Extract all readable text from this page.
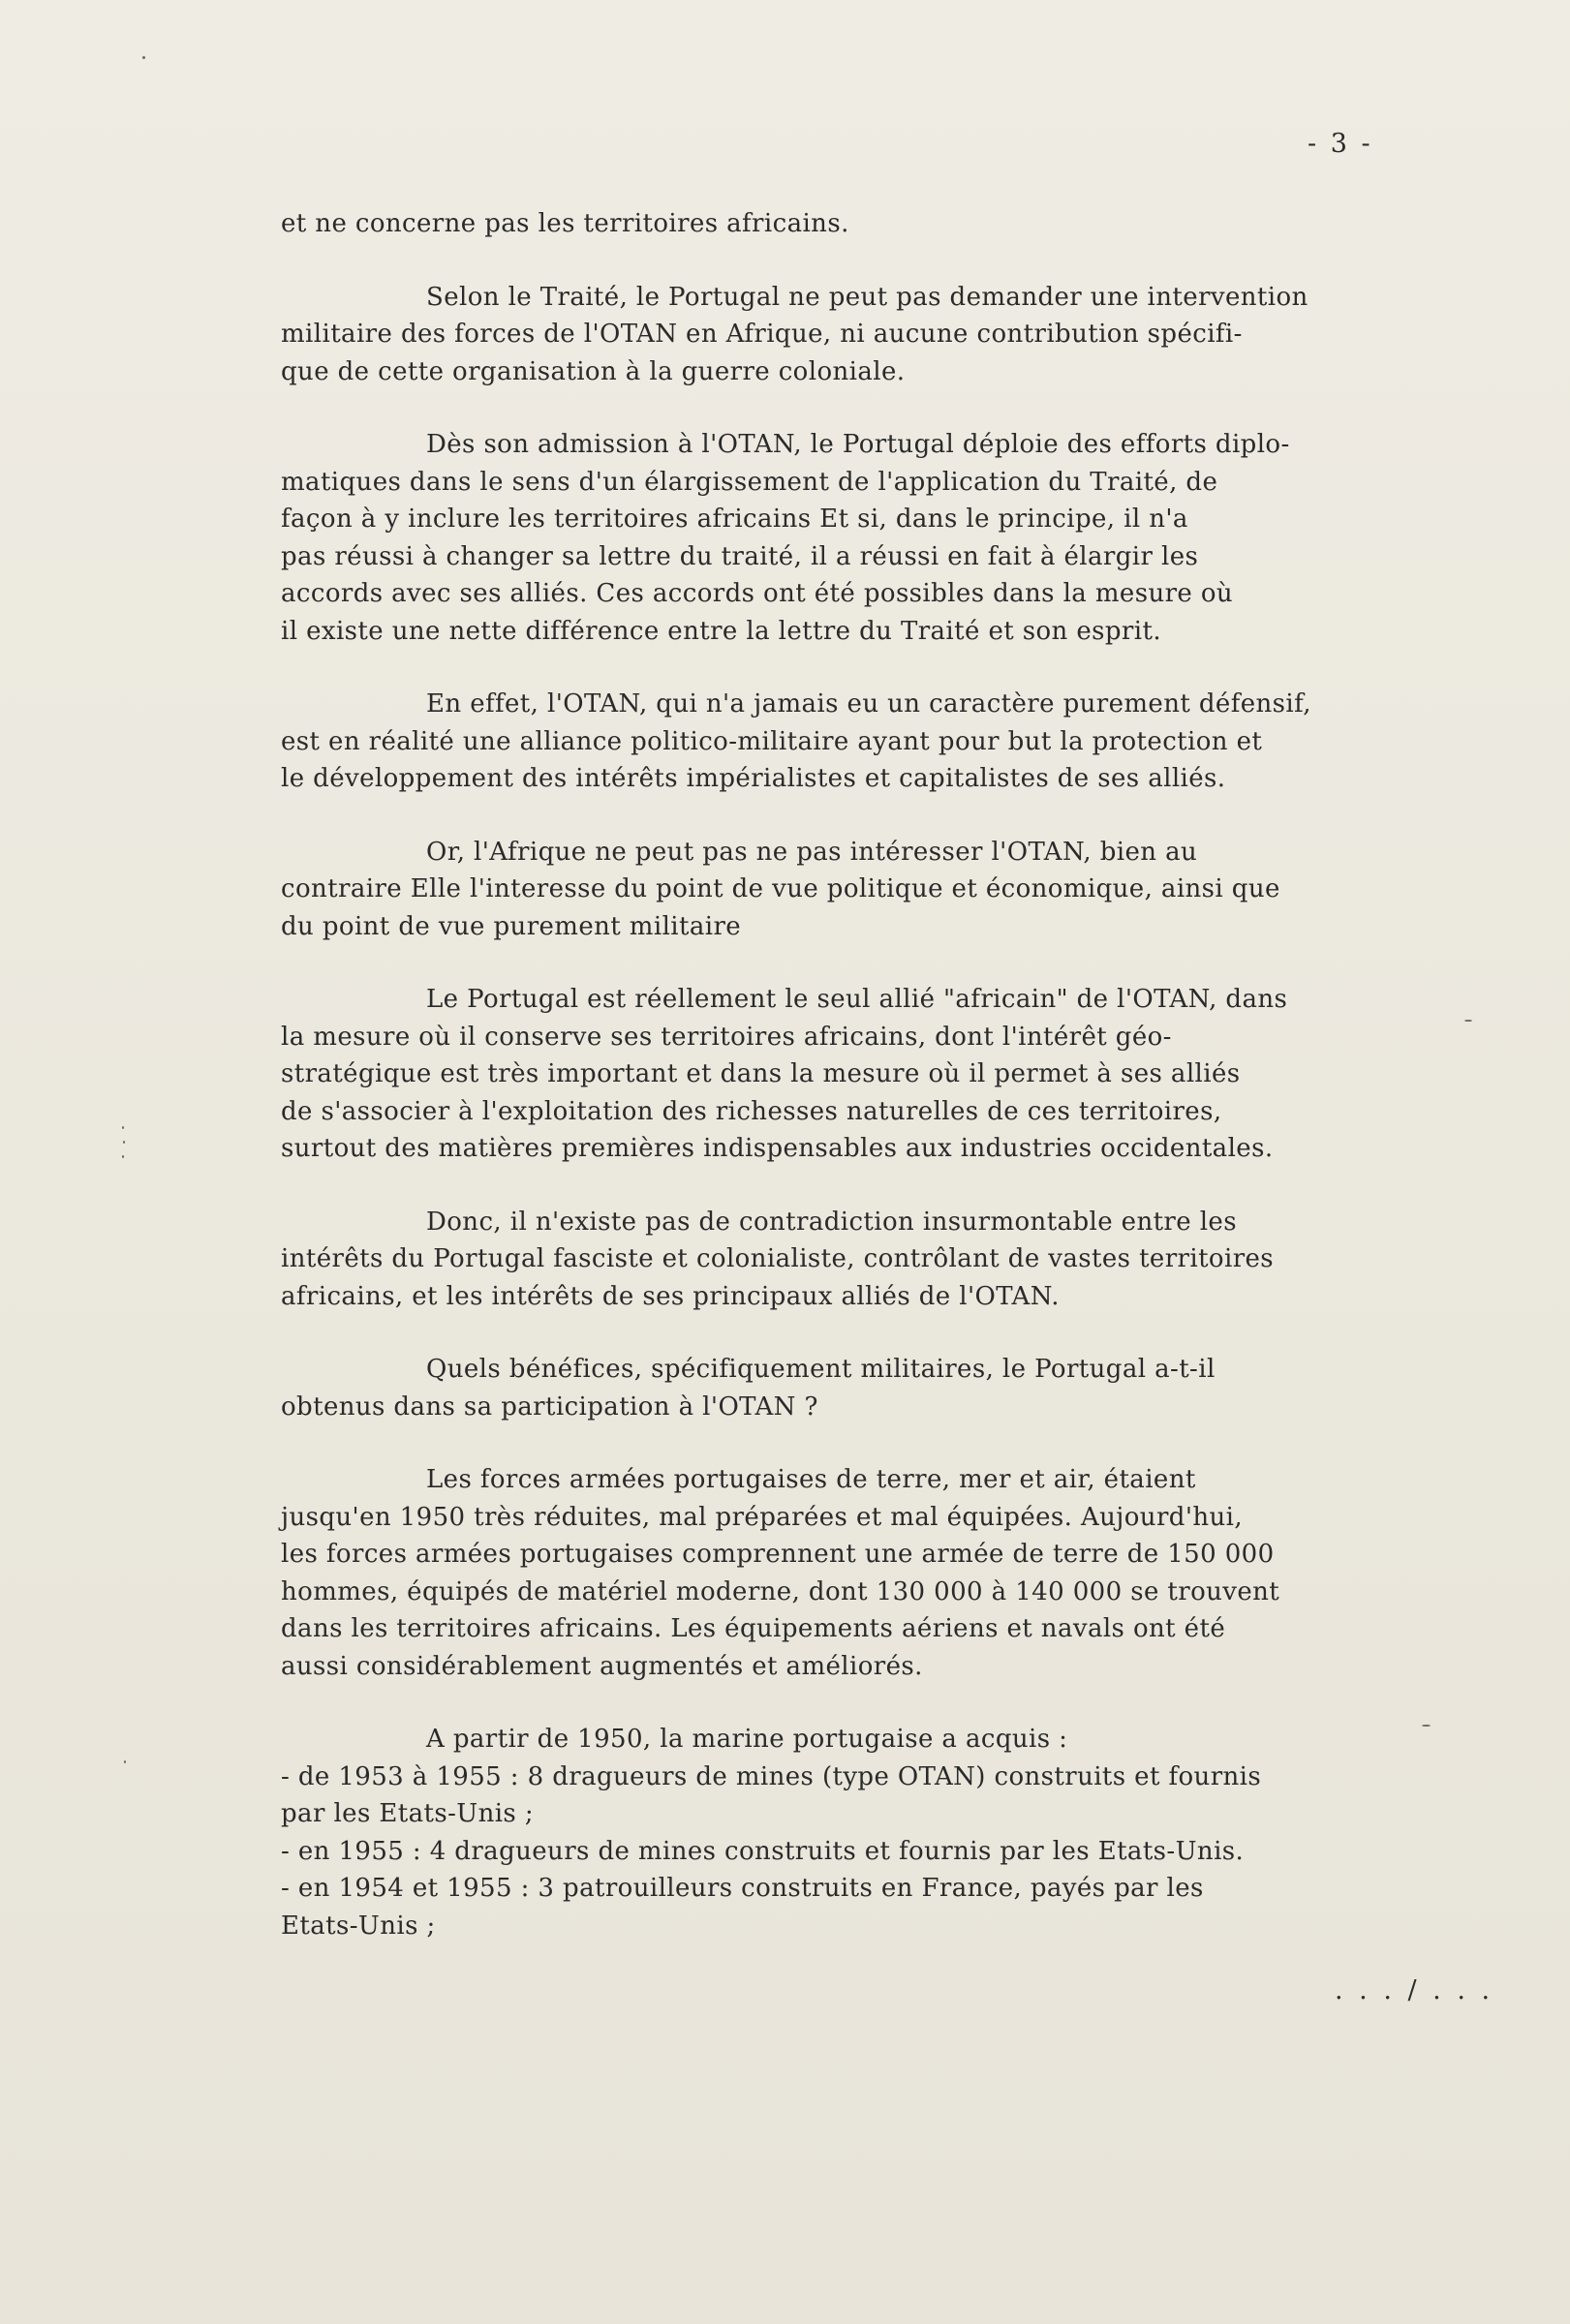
- 3 -

et ne concerne pas les territoires africains.

Selon le Traité, le Portugal ne peut pas demander une intervention
militaire des forces de l'OTAN en Afrique, ni aucune contribution spécifi-
que de cette organisation à la guerre coloniale.

Dès son admission à l'OTAN, le Portugal déploie des efforts diplo-
matiques dans le sens d'un élargissement de l'application du Traité, de
façon à y inclure les territoires africains Et si, dans le principe, il n'a
pas réussi à changer sa lettre du traité, il a réussi en fait à élargir les
accords avec ses alliés. Ces accords ont été possibles dans la mesure où
il existe une nette différence entre la lettre du Traité et son esprit.

En effet, l'OTAN, qui n'a jamais eu un caractère purement défensif,
est en réalité une alliance politico-militaire ayant pour but la protection et
le développement des intérêts impérialistes et capitalistes de ses alliés.

Or, l'Afrique ne peut pas ne pas intéresser l'OTAN, bien au
contraire Elle l'interesse du point de vue politique et économique, ainsi que
du point de vue purement militaire

Le Portugal est réellement le seul allié "africain" de l'OTAN, dans
la mesure où il conserve ses territoires africains, dont l'intérêt géo-
stratégique est très important et dans la mesure où il permet à ses alliés
de s'associer à l'exploitation des richesses naturelles de ces territoires,
surtout des matières premières indispensables aux industries occidentales.

Donc, il n'existe pas de contradiction insurmontable entre les
intérêts du Portugal fasciste et colonialiste, contrôlant de vastes territoires
africains, et les intérêts de ses principaux alliés de l'OTAN.

Quels bénéfices, spécifiquement militaires, le Portugal a-t-il
obtenus dans sa participation à l'OTAN ?

Les forces armées portugaises de terre, mer et air, étaient
jusqu'en 1950 très réduites, mal préparées et mal équipées. Aujourd'hui,
les forces armées portugaises comprennent une armée de terre de 150 000
hommes, équipés de matériel moderne, dont 130 000 à 140 000 se trouvent
dans les territoires africains. Les équipements aériens et navals ont été
aussi considérablement augmentés et améliorés.

A partir de 1950, la marine portugaise a acquis :
- de 1953 à 1955 : 8 dragueurs de mines (type OTAN) construits et fournis
par les Etats-Unis ;
- en 1955 : 4 dragueurs de mines construits et fournis par les Etats-Unis.
- en 1954 et 1955 : 3 patrouilleurs construits en France, payés par les
Etats-Unis ;

. . . / . . .
